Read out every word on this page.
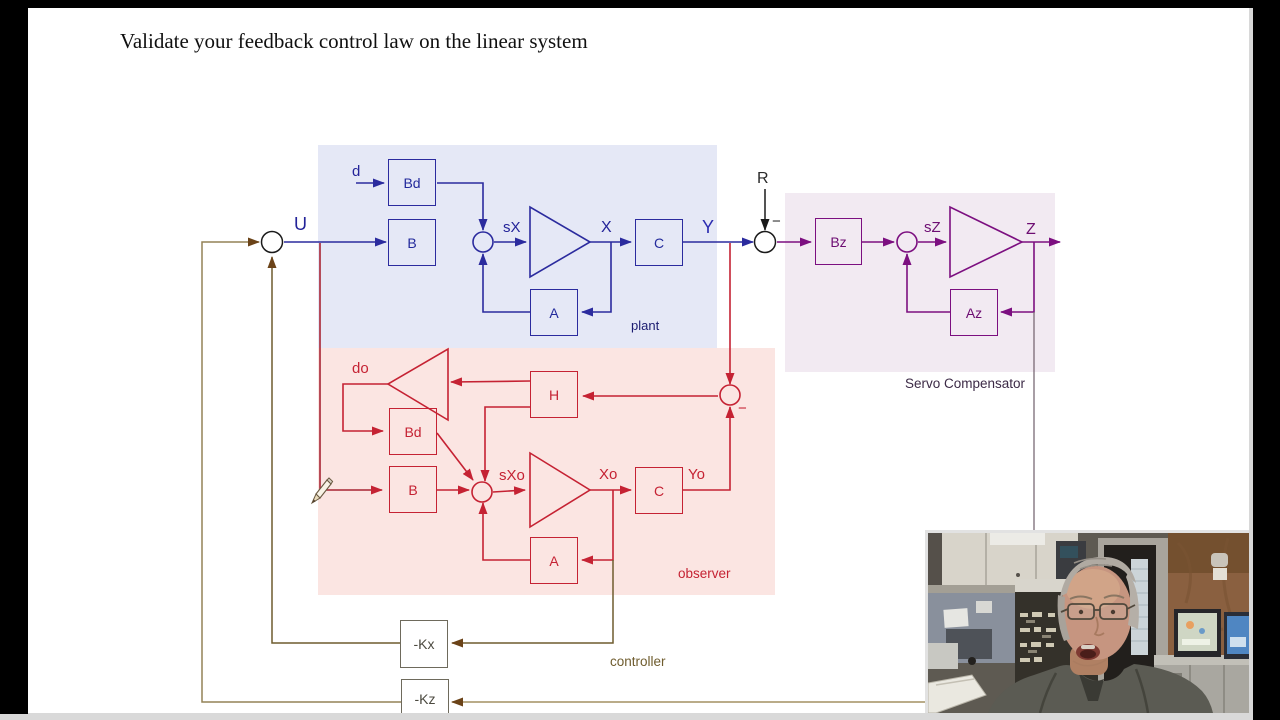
Validate your feedback control law on the linear system
Bd
B	C
A
Bd
B
H
C
A
Bz
Az
-Kx
-Kz
U
d
sX	X	Y
plant
R
−	sZ	Z
Servo Compensator
do
sXo	Xo	Yo
−
observer
controller
